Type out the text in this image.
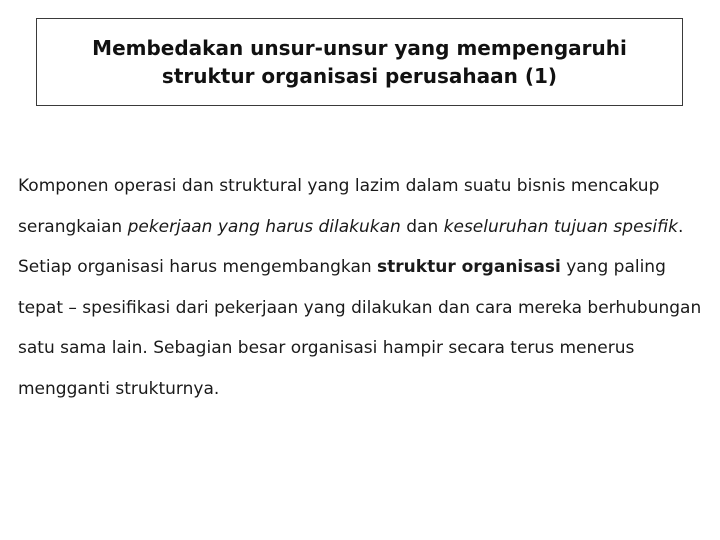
Membedakan unsur-unsur yang mempengaruhi struktur organisasi perusahaan (1)

Komponen operasi dan struktural yang lazim dalam suatu bisnis mencakup serangkaian pekerjaan yang harus dilakukan dan keseluruhan tujuan spesifik. Setiap organisasi harus mengembangkan struktur organisasi yang paling tepat – spesifikasi dari pekerjaan yang dilakukan dan cara mereka berhubungan satu sama lain. Sebagian besar organisasi hampir secara terus menerus mengganti strukturnya.
